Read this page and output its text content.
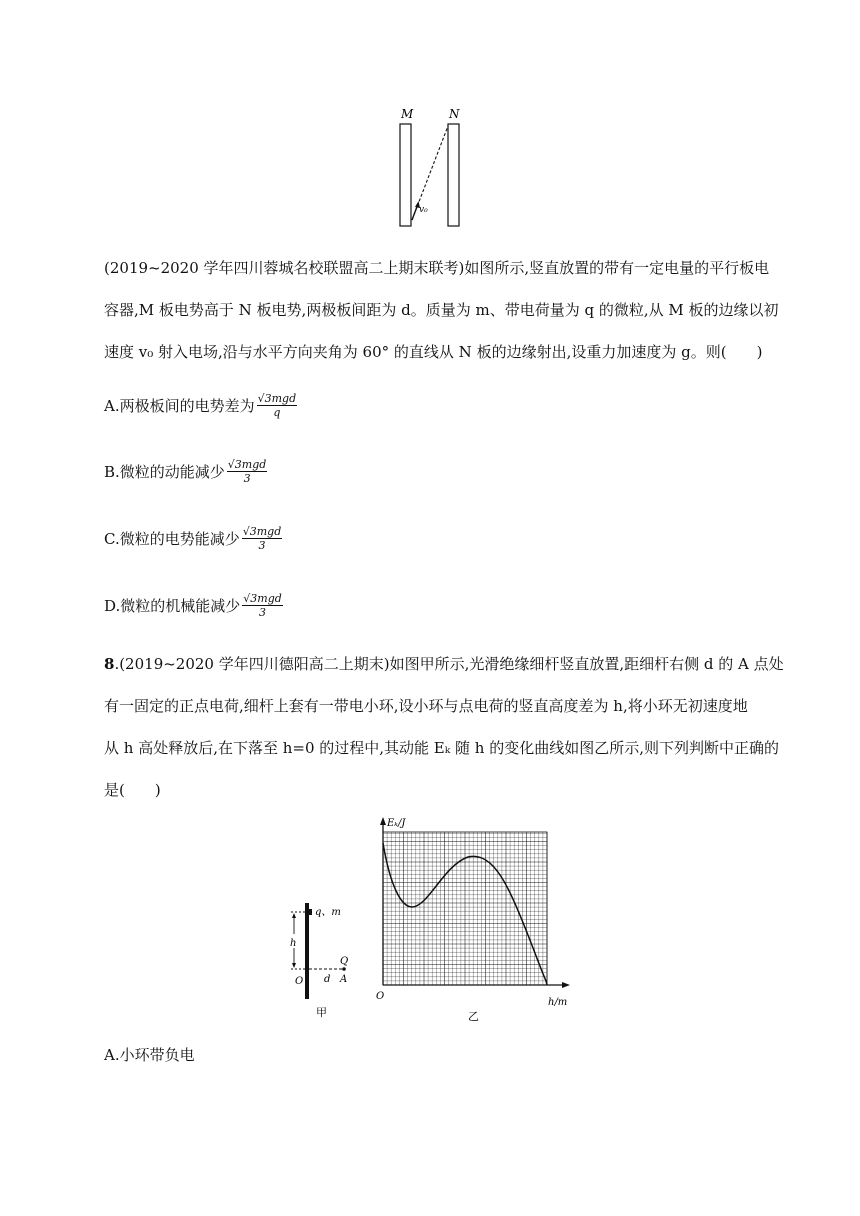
M	N
v₀
(2019~2020 学年四川蓉城名校联盟高二上期末联考)如图所示,竖直放置的带有一定电量的平行板电
容器,M 板电势高于 N 板电势,两极板间距为 d。质量为 m、带电荷量为 q 的微粒,从 M 板的边缘以初
速度 v₀ 射入电场,沿与水平方向夹角为 60° 的直线从 N 板的边缘射出,设重力加速度为 g。则(　　)
A.两极板间的电势差为 $\frac{\text{√3mgd}}{q}$
B.微粒的动能减少 $\frac{\text{√3mgd}}{3}$
C.微粒的电势能减少 $\frac{\text{√3mgd}}{3}$
D.微粒的机械能减少 $\frac{\text{√3mgd}}{3}$
8.(2019~2020 学年四川德阳高二上期末)如图甲所示,光滑绝缘细杆竖直放置,距细杆右侧 d 的 A 点处
有一固定的正点电荷,细杆上套有一带电小环,设小环与点电荷的竖直高度差为 h,将小环无初速度地
从 h 高处释放后,在下落至 h=0 的过程中,其动能 Eₖ 随 h 的变化曲线如图乙所示,则下列判断中正确的
是(　　)
q、m
h
O
Q
d A
甲
Eₖ/J
h/m
O
乙
A.小环带负电
